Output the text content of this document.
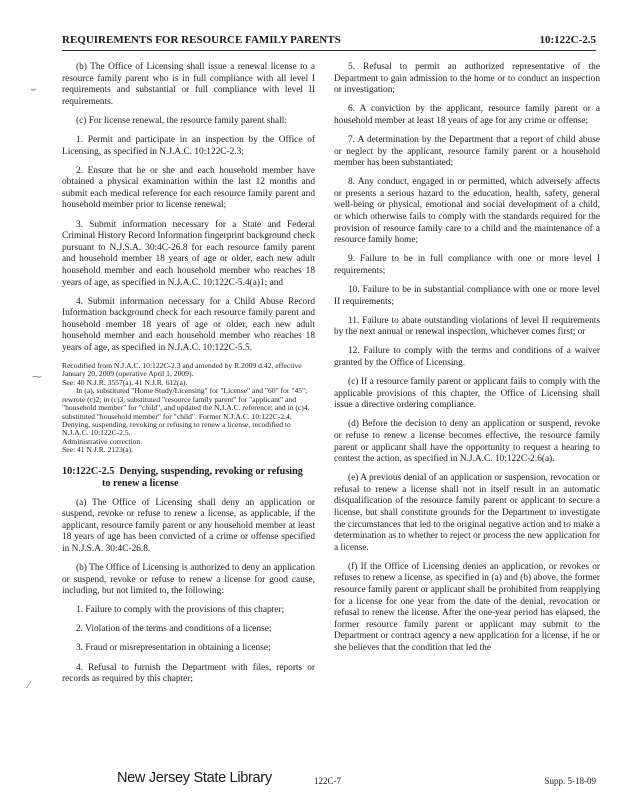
REQUIREMENTS FOR RESOURCE FAMILY PARENTS	10:122C-2.5
⌣
⁓
⁄

(b) The Office of Licensing shall issue a renewal license to a resource family parent who is in full compliance with all level I requirements and substantial or full compliance with level II requirements.

(c) For license renewal, the resource family parent shall:

1. Permit and participate in an inspection by the Office of Licensing, as specified in N.J.A.C. 10:122C-2.3;

2. Ensure that he or she and each household member have obtained a physical examination within the last 12 months and submit each medical reference for each resource family parent and household member prior to license renewal;

3. Submit information necessary for a State and Federal Criminal History Record Information fingerprint background check pursuant to N.J.S.A. 30:4C-26.8 for each resource family parent and household member 18 years of age or older, each new adult household member and each household member who reaches 18 years of age, as specified in N.J.A.C. 10:122C-5.4(a)1; and

4. Submit information necessary for a Child Abuse Record Information background check for each resource family parent and household member 18 years of age or older, each new adult household member and each household member who reaches 18 years of age, as specified in N.J.A.C. 10:122C-5.5.

Recodified from N.J.A.C. 10:122C-2.3 and amended by R.2009 d.42, effective January 20, 2009 (operative April 1, 2009).

See: 40 N.J.R. 3557(a), 41 N.J.R. 612(a).

In (a), substituted "Home Study/Licensing" for "License" and "60" for "45"; rewrote (c)2; in (c)3, substituted "resource family parent" for "applicant" and "household member" for "child", and updated the N.J.A.C. reference; and in (c)4, substituted "household member" for "child". Former N.J.A.C. 10:122C-2.4, Denying, suspending, revoking or refusing to renew a license, recodified to N.J.A.C. 10:122C-2.5.

Administrative correction.

See: 41 N.J.R. 2123(a).

10:122C-2.5 Denying, suspending, revoking or refusing
to renew a license

(a) The Office of Licensing shall deny an application or suspend, revoke or refuse to renew a license, as applicable, if the applicant, resource family parent or any household member at least 18 years of age has been convicted of a crime or offense specified in N.J.S.A. 30:4C-26.8.

(b) The Office of Licensing is authorized to deny an application or suspend, revoke or refuse to renew a license for good cause, including, but not limited to, the following:

1. Failure to comply with the provisions of this chapter;

2. Violation of the terms and conditions of a license;

3. Fraud or misrepresentation in obtaining a license;

4. Refusal to furnish the Department with files, reports or records as required by this chapter;

5. Refusal to permit an authorized representative of the Department to gain admission to the home or to conduct an inspection or investigation;

6. A conviction by the applicant, resource family parent or a household member at least 18 years of age for any crime or offense;

7. A determination by the Department that a report of child abuse or neglect by the applicant, resource family parent or a household member has been substantiated;

8. Any conduct, engaged in or permitted, which adversely affects or presents a serious hazard to the education, health, safety, general well-being or physical, emotional and social development of a child, or which otherwise fails to comply with the standards required for the provision of resource family care to a child and the maintenance of a resource family home;

9. Failure to be in full compliance with one or more level I requirements;

10. Failure to be in substantial compliance with one or more level II requirements;

11. Failure to abate outstanding violations of level II requirements by the next annual or renewal inspection, whichever comes first; or

12. Failure to comply with the terms and conditions of a waiver granted by the Office of Licensing.

(c) If a resource family parent or applicant fails to comply with the applicable provisions of this chapter, the Office of Licensing shall issue a directive ordering compliance.

(d) Before the decision to deny an application or suspend, revoke or refuse to renew a license becomes effective, the resource family parent or applicant shall have the opportunity to request a hearing to contest the action, as specified in N.J.A.C. 10:122C-2.6(a).

(e) A previous denial of an application or suspension, revocation or refusal to renew a license shall not in itself result in an automatic disqualification of the resource family parent or applicant to secure a license, but shall constitute grounds for the Department to investigate the circumstances that led to the original negative action and to make a determination as to whether to reject or process the new application for a license.

(f) If the Office of Licensing denies an application, or revokes or refuses to renew a license, as specified in (a) and (b) above, the former resource family parent or applicant shall be prohibited from reapplying for a license for one year from the date of the denial, revocation or refusal to renew the license. After the one-year period has elapsed, the former resource family parent or applicant may submit to the Department or contract agency a new application for a license, if he or she believes that the condition that led the

New Jersey State Library	122C-7	Supp. 5-18-09
